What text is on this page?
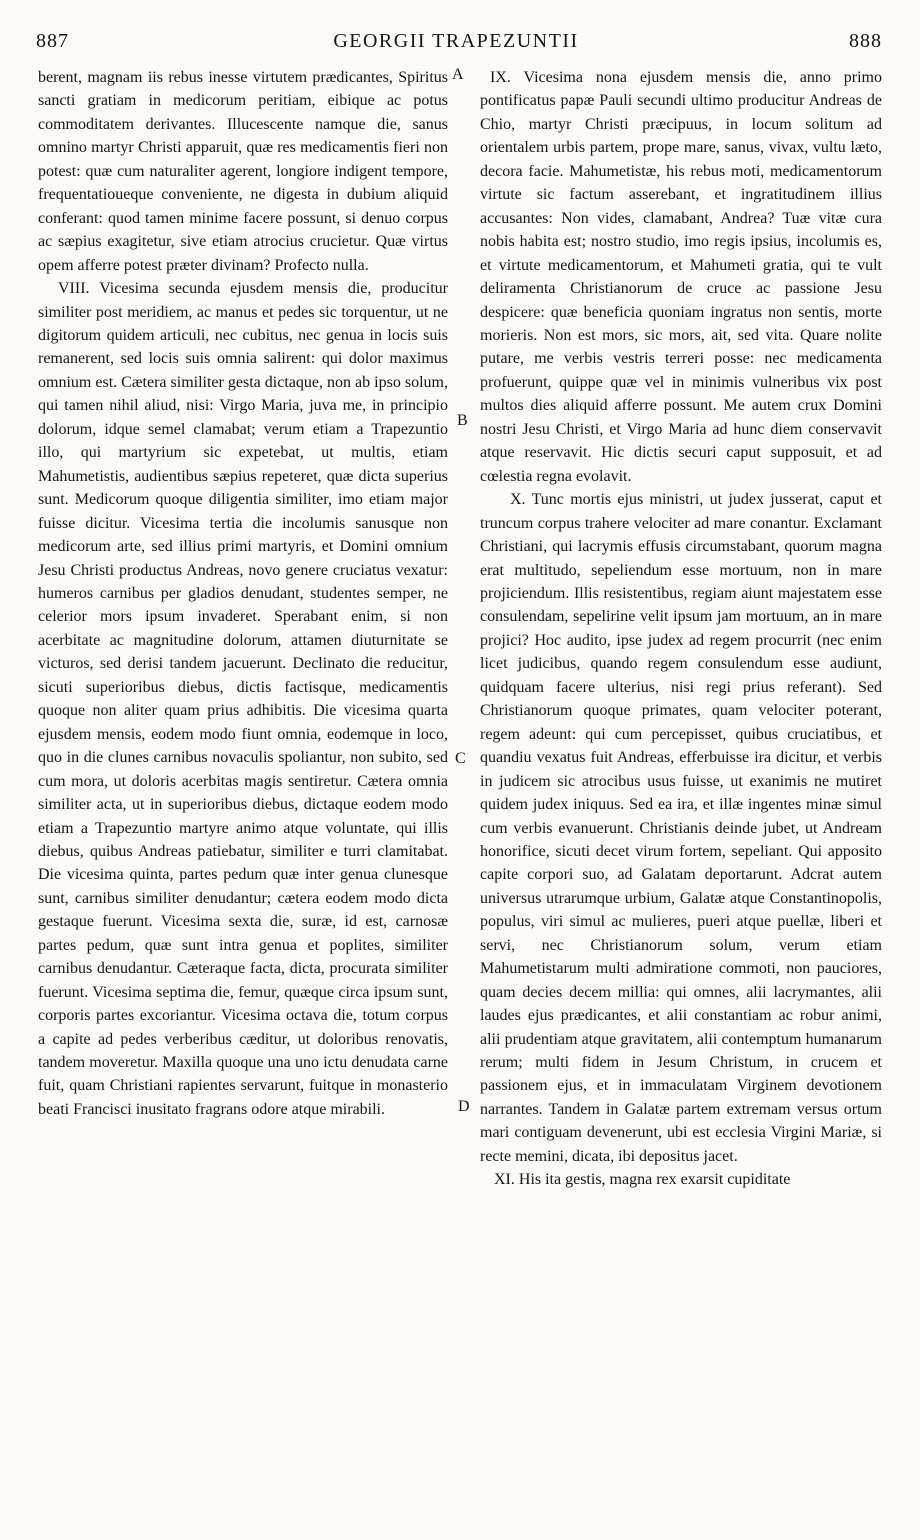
887	GEORGII TRAPEZUNTII	888

berent, magnam iis rebus inesse virtutem prædicantes, Spiritus sancti gratiam in medicorum peritiam, eibique ac potus commoditatem derivantes. Illucescente namque die, sanus omnino martyr Christi apparuit, quæ res medicamentis fieri non potest: quæ cum naturaliter agerent, longiore indigent tempore, frequentatioueque conveniente, ne digesta in dubium aliquid conferant: quod tamen minime facere possunt, si denuo corpus ac sæpius exagitetur, sive etiam atrocius crucietur. Quæ virtus opem afferre potest præter divinam? Profecto nulla.

VIII. Vicesima secunda ejusdem mensis die, producitur similiter post meridiem, ac manus et pedes sic torquentur, ut ne digitorum quidem articuli, nec cubitus, nec genua in locis suis remanerent, sed locis suis omnia salirent: qui dolor maximus omnium est. Cætera similiter gesta dictaque, non ab ipso solum, qui tamen nihil aliud, nisi: Virgo Maria, juva me, in principio dolorum, idque semel clamabat; verum etiam a Trapezuntio illo, qui martyrium sic expetebat, ut multis, etiam Mahumetistis, audientibus sæpius repeteret, quæ dicta superius sunt. Medicorum quoque diligentia similiter, imo etiam major fuisse dicitur. Vicesima tertia die incolumis sanusque non medicorum arte, sed illius primi martyris, et Domini omnium Jesu Christi productus Andreas, novo genere cruciatus vexatur: humeros carnibus per gladios denudant, studentes semper, ne celerior mors ipsum invaderet. Sperabant enim, si non acerbitate ac magnitudine dolorum, attamen diuturnitate se victuros, sed derisi tandem jacuerunt. Declinato die reducitur, sicuti superioribus diebus, dictis factisque, medicamentis quoque non aliter quam prius adhibitis. Die vicesima quarta ejusdem mensis, eodem modo fiunt omnia, eodemque in loco, quo in die clunes carnibus novaculis spoliantur, non subito, sed cum mora, ut doloris acerbitas magis sentiretur. Cætera omnia similiter acta, ut in superioribus diebus, dictaque eodem modo etiam a Trapezuntio martyre animo atque voluntate, qui illis diebus, quibus Andreas patiebatur, similiter e turri clamitabat. Die vicesima quinta, partes pedum quæ inter genua clunesque sunt, carnibus similiter denudantur; cætera eodem modo dicta gestaque fuerunt. Vicesima sexta die, suræ, id est, carnosæ partes pedum, quæ sunt intra genua et poplites, similiter carnibus denudantur. Cæteraque facta, dicta, procurata similiter fuerunt. Vicesima septima die, femur, quæque circa ipsum sunt, corporis partes excoriantur. Vicesima octava die, totum corpus a capite ad pedes verberibus cæditur, ut doloribus renovatis, tandem moveretur. Maxilla quoque una uno ictu denudata carne fuit, quam Christiani rapientes servarunt, fuitque in monasterio beati Francisci inusitato fragrans odore atque mirabili.

IX. Vicesima nona ejusdem mensis die, anno primo pontificatus papæ Pauli secundi ultimo producitur Andreas de Chio, martyr Christi præcipuus, in locum solitum ad orientalem urbis partem, prope mare, sanus, vivax, vultu læto, decora facie. Mahumetistæ, his rebus moti, medicamentorum virtute sic factum asserebant, et ingratitudinem illius accusantes: Non vides, clamabant, Andrea? Tuæ vitæ cura nobis habita est; nostro studio, imo regis ipsius, incolumis es, et virtute medicamentorum, et Mahumeti gratia, qui te vult deliramenta Christianorum de cruce ac passione Jesu despicere: quæ beneficia quoniam ingratus non sentis, morte morieris. Non est mors, sic mors, ait, sed vita. Quare nolite putare, me verbis vestris terreri posse: nec medicamenta profuerunt, quippe quæ vel in minimis vulneribus vix post multos dies aliquid afferre possunt. Me autem crux Domini nostri Jesu Christi, et Virgo Maria ad hunc diem conservavit atque reservavit. Hic dictis securi caput supposuit, et ad cœlestia regna evolavit.

X. Tunc mortis ejus ministri, ut judex jusserat, caput et truncum corpus trahere velociter ad mare conantur. Exclamant Christiani, qui lacrymis effusis circumstabant, quorum magna erat multitudo, sepeliendum esse mortuum, non in mare projiciendum. Illis resistentibus, regiam aiunt majestatem esse consulendam, sepelirine velit ipsum jam mortuum, an in mare projici? Hoc audito, ipse judex ad regem procurrit (nec enim licet judicibus, quando regem consulendum esse audiunt, quidquam facere ulterius, nisi regi prius referant). Sed Christianorum quoque primates, quam velociter poterant, regem adeunt: qui cum percepisset, quibus cruciatibus, et quandiu vexatus fuit Andreas, efferbuisse ira dicitur, et verbis in judicem sic atrocibus usus fuisse, ut exanimis ne mutiret quidem judex iniquus. Sed ea ira, et illæ ingentes minæ simul cum verbis evanuerunt. Christianis deinde jubet, ut Andream honorifice, sicuti decet virum fortem, sepeliant. Qui apposito capite corpori suo, ad Galatam deportarunt. Adcrat autem universus utrarumque urbium, Galatæ atque Constantinopolis, populus, viri simul ac mulieres, pueri atque puellæ, liberi et servi, nec Christianorum solum, verum etiam Mahumetistarum multi admiratione commoti, non pauciores, quam decies decem millia: qui omnes, alii lacrymantes, alii laudes ejus prædicantes, et alii constantiam ac robur animi, alii prudentiam atque gravitatem, alii contemptum humanarum rerum; multi fidem in Jesum Christum, in crucem et passionem ejus, et in immaculatam Virginem devotionem narrantes. Tandem in Galatæ partem extremam versus ortum mari contiguam devenerunt, ubi est ecclesia Virgini Mariæ, si recte memini, dicata, ibi depositus jacet.

XI. His ita gestis, magna rex exarsit cupiditate

A
B
C
D
